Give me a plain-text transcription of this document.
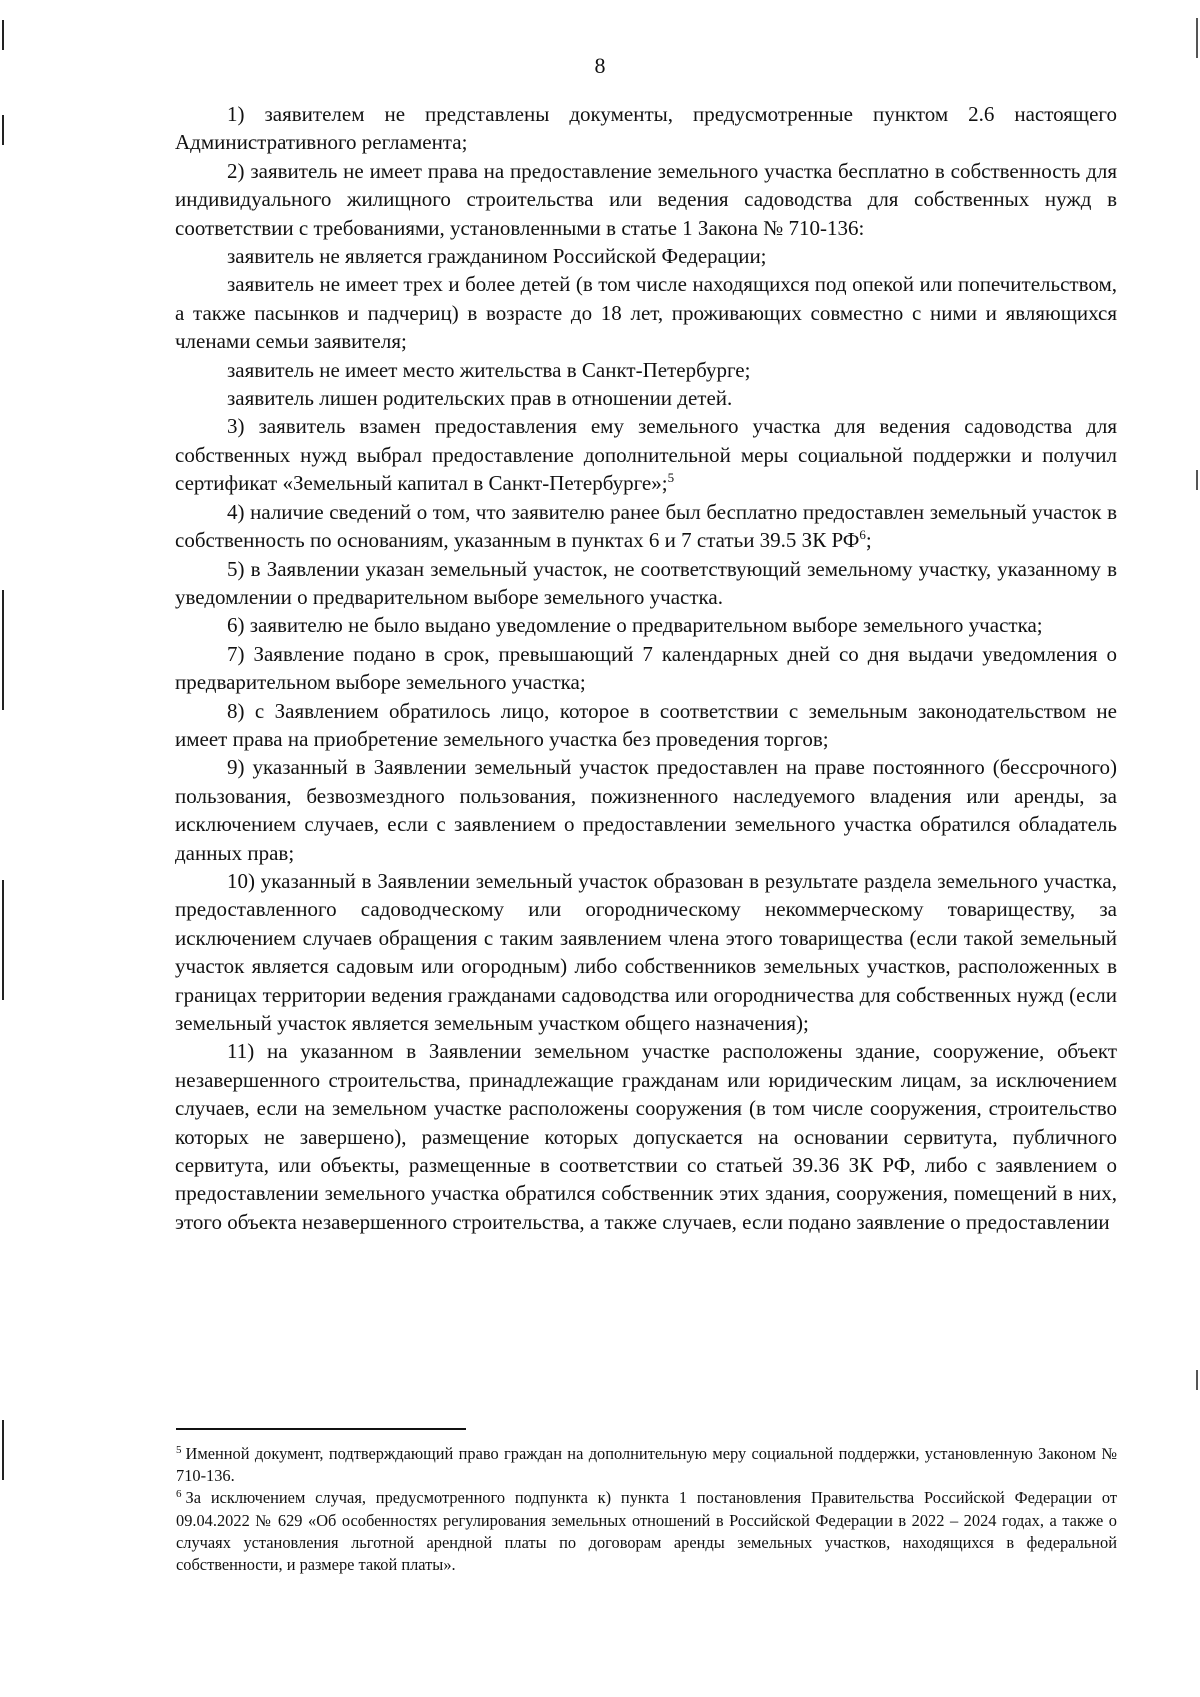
8

1) заявителем не представлены документы, предусмотренные пунктом 2.6 настоящего Административного регламента;

2) заявитель не имеет права на предоставление земельного участка бесплатно в собственность для индивидуального жилищного строительства или ведения садоводства для собственных нужд в соответствии с требованиями, установленными в статье 1 Закона № 710-136:

заявитель не является гражданином Российской Федерации;

заявитель не имеет трех и более детей (в том числе находящихся под опекой или попечительством, а также пасынков и падчериц) в возрасте до 18 лет, проживающих совместно с ними и являющихся членами семьи заявителя;

заявитель не имеет место жительства в Санкт-Петербурге;

заявитель лишен родительских прав в отношении детей.

3) заявитель взамен предоставления ему земельного участка для ведения садоводства для собственных нужд выбрал предоставление дополнительной меры социальной поддержки и получил сертификат «Земельный капитал в Санкт-Петербурге»;$^5$

4) наличие сведений о том, что заявителю ранее был бесплатно предоставлен земельный участок в собственность по основаниям, указанным в пунктах 6 и 7 статьи 39.5 ЗК $РФ^6$;

5) в Заявлении указан земельный участок, не соответствующий земельному участку, указанному в уведомлении о предварительном выборе земельного участка.

6) заявителю не было выдано уведомление о предварительном выборе земельного участка;

7) Заявление подано в срок, превышающий 7 календарных дней со дня выдачи уведомления о предварительном выборе земельного участка;

8) с Заявлением обратилось лицо, которое в соответствии с земельным законодательством не имеет права на приобретение земельного участка без проведения торгов;

9) указанный в Заявлении земельный участок предоставлен на праве постоянного (бессрочного) пользования, безвозмездного пользования, пожизненного наследуемого владения или аренды, за исключением случаев, если с заявлением о предоставлении земельного участка обратился обладатель данных прав;

10) указанный в Заявлении земельный участок образован в результате раздела земельного участка, предоставленного садоводческому или огородническому некоммерческому товариществу, за исключением случаев обращения с таким заявлением члена этого товарищества (если такой земельный участок является садовым или огородным) либо собственников земельных участков, расположенных в границах территории ведения гражданами садоводства или огородничества для собственных нужд (если земельный участок является земельным участком общего назначения);

11) на указанном в Заявлении земельном участке расположены здание, сооружение, объект незавершенного строительства, принадлежащие гражданам или юридическим лицам, за исключением случаев, если на земельном участке расположены сооружения (в том числе сооружения, строительство которых не завершено), размещение которых допускается на основании сервитута, публичного сервитута, или объекты, размещенные в соответствии со статьей 39.36 ЗК РФ, либо с заявлением о предоставлении земельного участка обратился собственник этих здания, сооружения, помещений в них, этого объекта незавершенного строительства, а также случаев, если подано заявление о предоставлении

$^5$ Именной документ, подтверждающий право граждан на дополнительную меру социальной поддержки, установленную Законом № 710-136.

$^6$ За исключением случая, предусмотренного подпункта к) пункта 1 постановления Правительства Российской Федерации от 09.04.2022 № 629 «Об особенностях регулирования земельных отношений в Российской Федерации в 2022 – 2024 годах, а также о случаях установления льготной арендной платы по договорам аренды земельных участков, находящихся в федеральной собственности, и размере такой платы».
